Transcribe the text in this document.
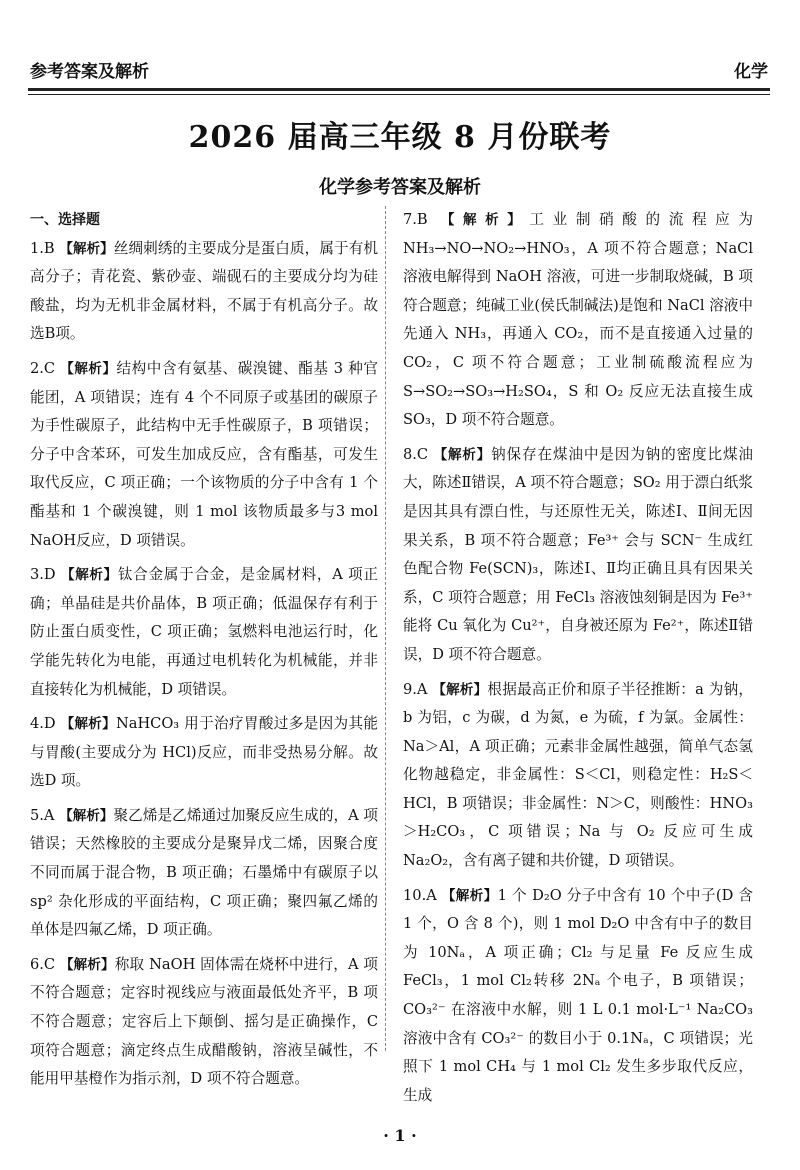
参考答案及解析	化学
2026 届高三年级 8 月份联考
化学参考答案及解析
一、选择题
1.B 【解析】丝绸刺绣的主要成分是蛋白质，属于有机高分子；青花瓷、紫砂壶、端砚石的主要成分均为硅酸盐，均为无机非金属材料，不属于有机高分子。故选B项。
2.C 【解析】结构中含有氨基、碳溴键、酯基 3 种官能团，A 项错误；连有 4 个不同原子或基团的碳原子为手性碳原子，此结构中无手性碳原子，B 项错误；分子中含苯环，可发生加成反应，含有酯基，可发生取代反应，C 项正确；一个该物质的分子中含有 1 个酯基和 1 个碳溴键，则 1 mol 该物质最多与3 mol NaOH反应，D 项错误。
3.D 【解析】钛合金属于合金，是金属材料，A 项正确；单晶硅是共价晶体，B 项正确；低温保存有利于防止蛋白质变性，C 项正确；氢燃料电池运行时，化学能先转化为电能，再通过电机转化为机械能，并非直接转化为机械能，D 项错误。
4.D 【解析】NaHCO₃ 用于治疗胃酸过多是因为其能与胃酸(主要成分为 HCl)反应，而非受热易分解。故选D 项。
5.A 【解析】聚乙烯是乙烯通过加聚反应生成的，A 项错误；天然橡胶的主要成分是聚异戊二烯，因聚合度不同而属于混合物，B 项正确；石墨烯中有碳原子以 sp² 杂化形成的平面结构，C 项正确；聚四氟乙烯的单体是四氟乙烯，D 项正确。
6.C 【解析】称取 NaOH 固体需在烧杯中进行，A 项不符合题意；定容时视线应与液面最低处齐平，B 项不符合题意；定容后上下颠倒、摇匀是正确操作，C 项符合题意；滴定终点生成醋酸钠，溶液呈碱性，不能用甲基橙作为指示剂，D 项不符合题意。
7.B 【解析】工业制硝酸的流程应为 NH₃→NO→NO₂→HNO₃，A 项不符合题意；NaCl 溶液电解得到 NaOH 溶液，可进一步制取烧碱，B 项符合题意；纯碱工业(侯氏制碱法)是饱和 NaCl 溶液中先通入 NH₃，再通入 CO₂，而不是直接通入过量的 CO₂，C 项不符合题意；工业制硫酸流程应为 S→SO₂→SO₃→H₂SO₄，S 和 O₂ 反应无法直接生成 SO₃，D 项不符合题意。
8.C 【解析】钠保存在煤油中是因为钠的密度比煤油大，陈述Ⅱ错误，A 项不符合题意；SO₂ 用于漂白纸浆是因其具有漂白性，与还原性无关，陈述Ⅰ、Ⅱ间无因果关系，B 项不符合题意；Fe³⁺ 会与 SCN⁻ 生成红色配合物 Fe(SCN)₃，陈述Ⅰ、Ⅱ均正确且具有因果关系，C 项符合题意；用 FeCl₃ 溶液蚀刻铜是因为 Fe³⁺ 能将 Cu 氧化为 Cu²⁺，自身被还原为 Fe²⁺，陈述Ⅱ错误，D 项不符合题意。
9.A 【解析】根据最高正价和原子半径推断：a 为钠，b 为铝，c 为碳，d 为氮，e 为硫，f 为氯。金属性：Na＞Al，A 项正确；元素非金属性越强，简单气态氢化物越稳定，非金属性：S＜Cl，则稳定性：H₂S＜HCl，B 项错误；非金属性：N＞C，则酸性：HNO₃＞H₂CO₃，C 项错误；Na 与 O₂ 反应可生成 Na₂O₂，含有离子键和共价键，D 项错误。
10.A 【解析】1 个 D₂O 分子中含有 10 个中子(D 含 1 个，O 含 8 个)，则 1 mol D₂O 中含有中子的数目为 10Nₐ，A 项正确；Cl₂ 与足量 Fe 反应生成 FeCl₃，1 mol Cl₂转移 2Nₐ 个电子，B 项错误；CO₃²⁻ 在溶液中水解，则 1 L 0.1 mol·L⁻¹ Na₂CO₃ 溶液中含有 CO₃²⁻ 的数目小于 0.1Nₐ，C 项错误；光照下 1 mol CH₄ 与 1 mol Cl₂ 发生多步取代反应，生成
· 1 ·
